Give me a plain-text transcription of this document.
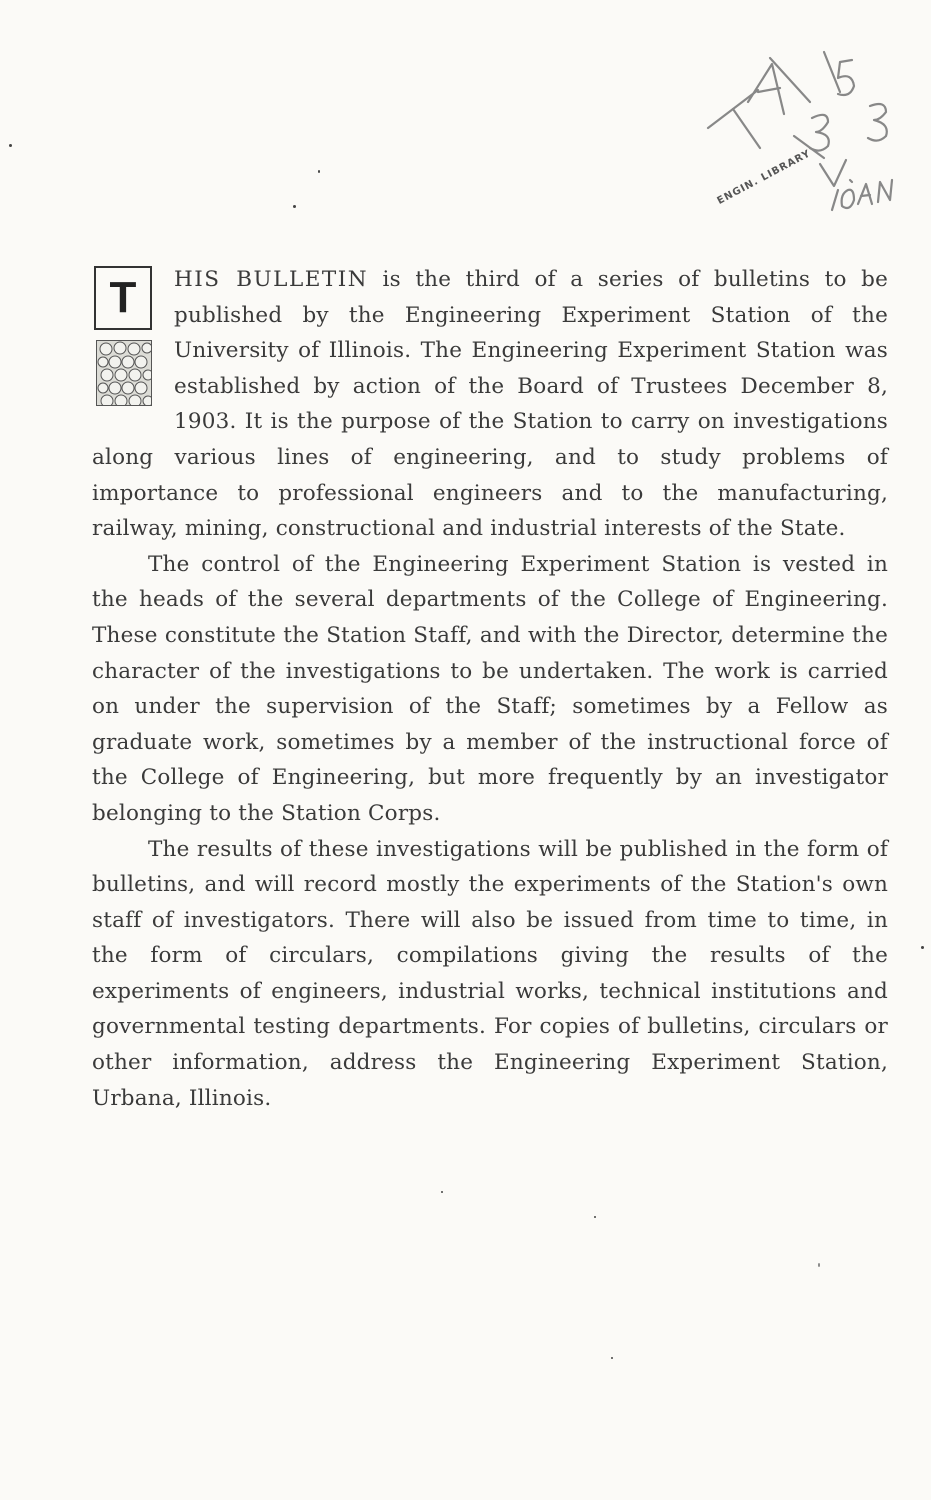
ENGIN. LIBRARY

T HIS BULLETIN is the third of a series of bulletins to be published by the Engineering Experiment Station of the University of Illinois. The Engineering Experiment Station was established by action of the Board of Trustees December 8, 1903. It is the purpose of the Station to carry on investigations along various lines of engineering, and to study problems of importance to professional engineers and to the manufacturing, railway, mining, constructional and industrial interests of the State.

The control of the Engineering Experiment Station is vested in the heads of the several departments of the College of Engineering. These constitute the Station Staff, and with the Director, determine the character of the investigations to be undertaken. The work is carried on under the supervision of the Staff; sometimes by a Fellow as graduate work, sometimes by a member of the instructional force of the College of Engineering, but more frequently by an investigator belonging to the Station Corps.

The results of these investigations will be published in the form of bulletins, and will record mostly the experiments of the Station's own staff of investigators. There will also be issued from time to time, in the form of circulars, compilations giving the results of the experiments of engineers, industrial works, technical institutions and governmental testing departments. For copies of bulletins, circulars or other information, address the Engineering Experiment Station, Urbana, Illinois.
